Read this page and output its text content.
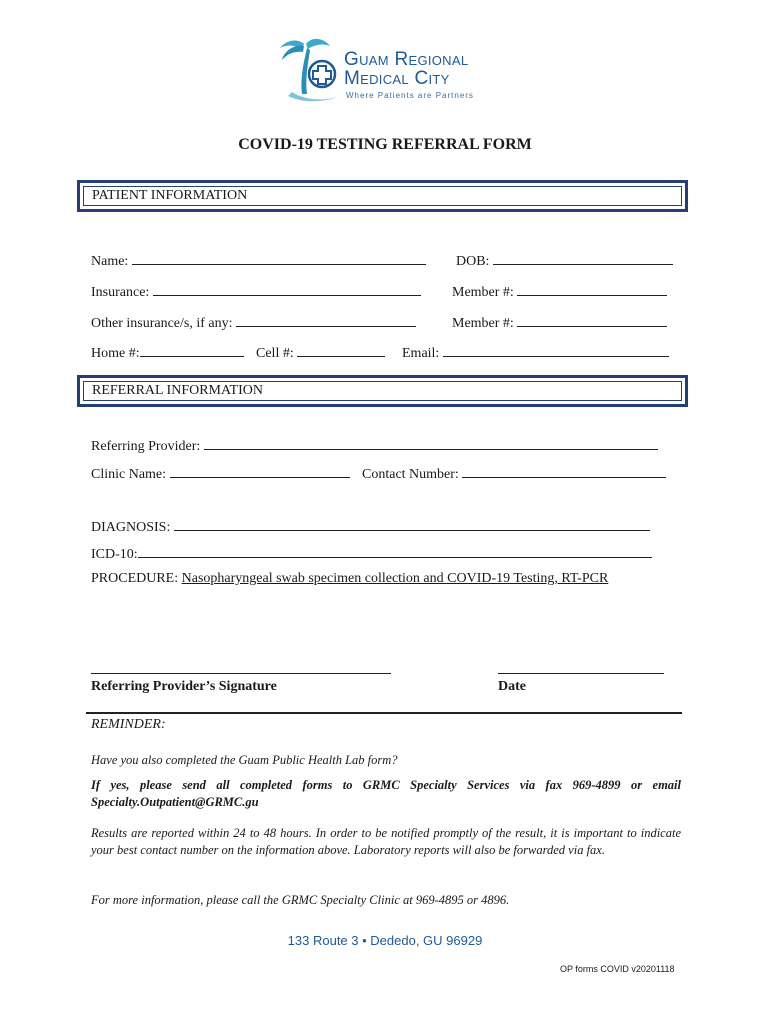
Guam Regional
Medical City
Where Patients are Partners
COVID-19 TESTING REFERRAL FORM
PATIENT INFORMATION
Name:	DOB:
Insurance:	Member #:
Other insurance/s, if any:	Member #:
Home #:	Cell #:	Email:
REFERRAL INFORMATION
Referring Provider:
Clinic Name:	Contact Number:
DIAGNOSIS:
ICD-10:
PROCEDURE: Nasopharyngeal swab specimen collection and COVID-19 Testing, RT-PCR
Referring Provider’s Signature	Date
REMINDER:
Have you also completed the Guam Public Health Lab form?
If yes, please send all completed forms to GRMC Specialty Services via fax 969-4899 or email Specialty.Outpatient@GRMC.gu
Results are reported within 24 to 48 hours. In order to be notified promptly of the result, it is important to indicate your best contact number on the information above. Laboratory reports will also be forwarded via fax.
For more information, please call the GRMC Specialty Clinic at 969-4895 or 4896.
133 Route 3 • Dededo, GU 96929
OP forms COVID v20201118
